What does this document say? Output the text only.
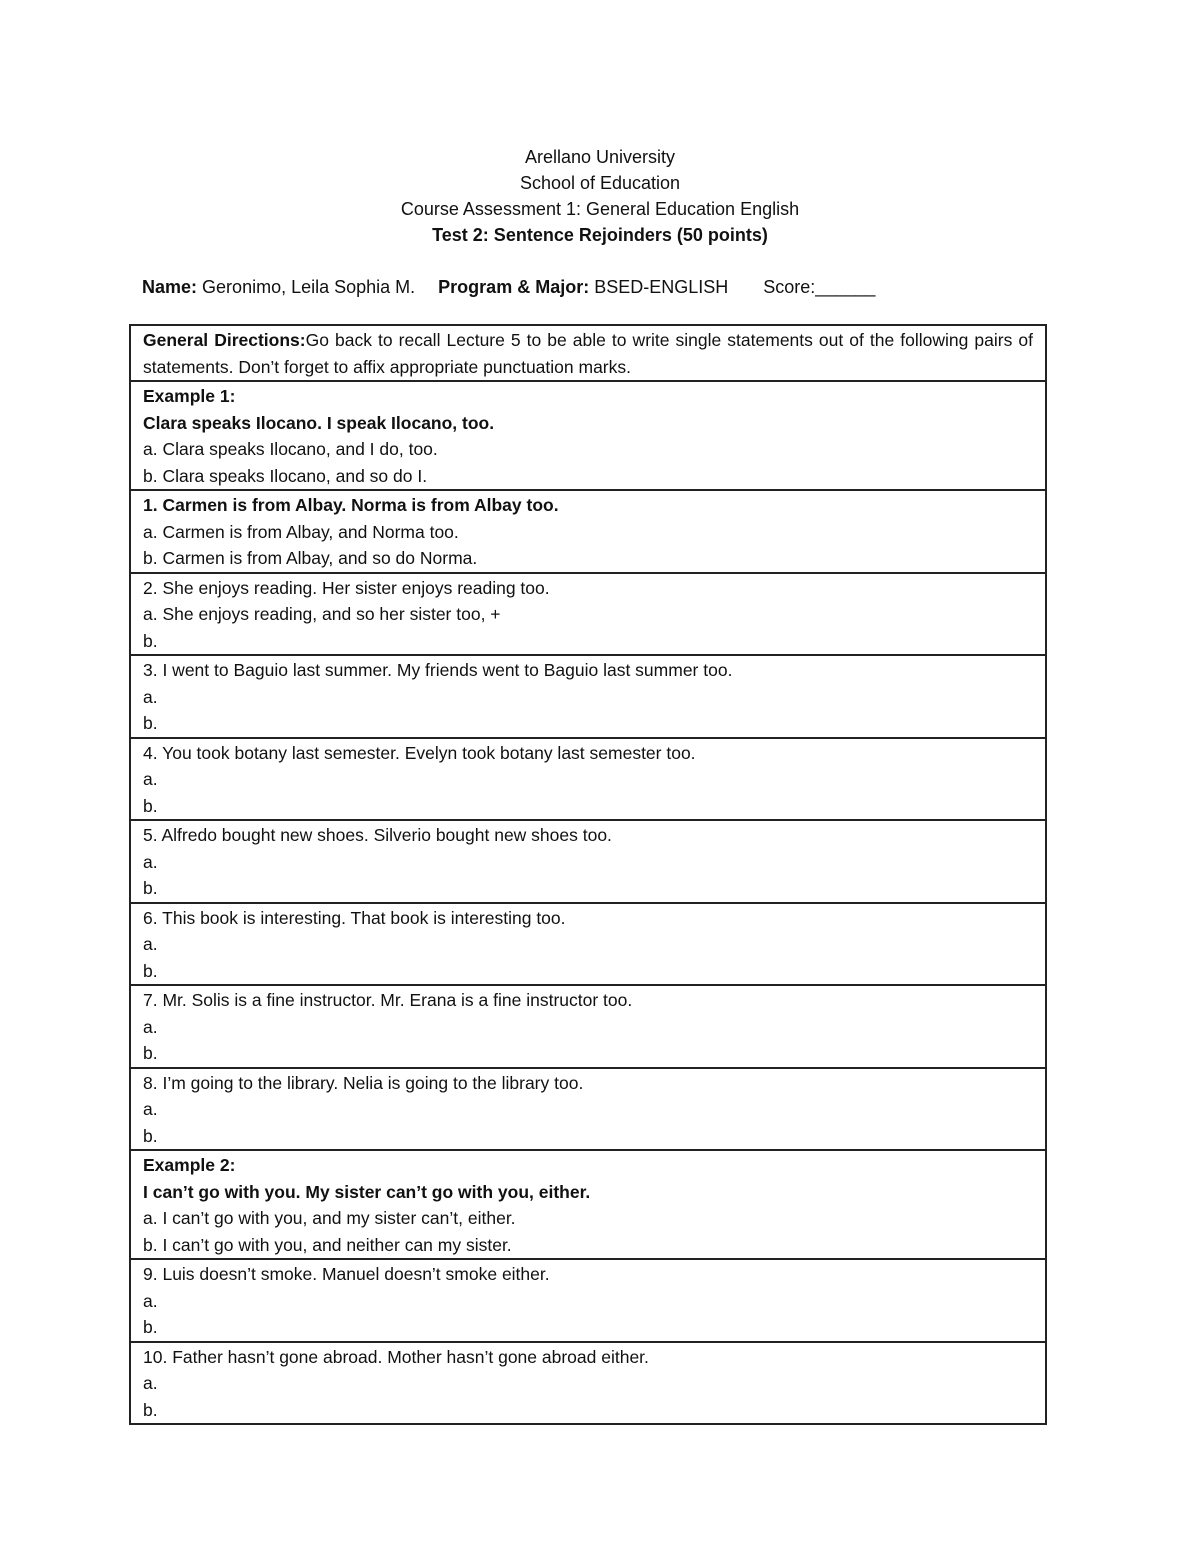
Arellano University
School of Education
Course Assessment 1: General Education English
Test 2: Sentence Rejoinders (50 points)
Name: Geronimo, Leila Sophia M. Program & Major: BSED-ENGLISH Score:______
General Directions:Go back to recall Lecture 5 to be able to write single statements out of the following pairs of statements. Don’t forget to affix appropriate punctuation marks.

Example 1:
Clara speaks Ilocano. I speak Ilocano, too.
a. Clara speaks Ilocano, and I do, too.
b. Clara speaks Ilocano, and so do I.

1. Carmen is from Albay. Norma is from Albay too.
a. Carmen is from Albay, and Norma too.
b. Carmen is from Albay, and so do Norma.

2. She enjoys reading. Her sister enjoys reading too.
a. She enjoys reading, and so her sister too, +
b.

3. I went to Baguio last summer. My friends went to Baguio last summer too.
a.
b.

4. You took botany last semester. Evelyn took botany last semester too.
a.
b.

5. Alfredo bought new shoes. Silverio bought new shoes too.
a.
b.

6. This book is interesting. That book is interesting too.
a.
b.

7. Mr. Solis is a fine instructor. Mr. Erana is a fine instructor too.
a.
b.

8. I’m going to the library. Nelia is going to the library too.
a.
b.

Example 2:
I can’t go with you. My sister can’t go with you, either.
a. I can’t go with you, and my sister can’t, either.
b. I can’t go with you, and neither can my sister.

9. Luis doesn’t smoke. Manuel doesn’t smoke either.
a.
b.

10. Father hasn’t gone abroad. Mother hasn’t gone abroad either.
a.
b.
